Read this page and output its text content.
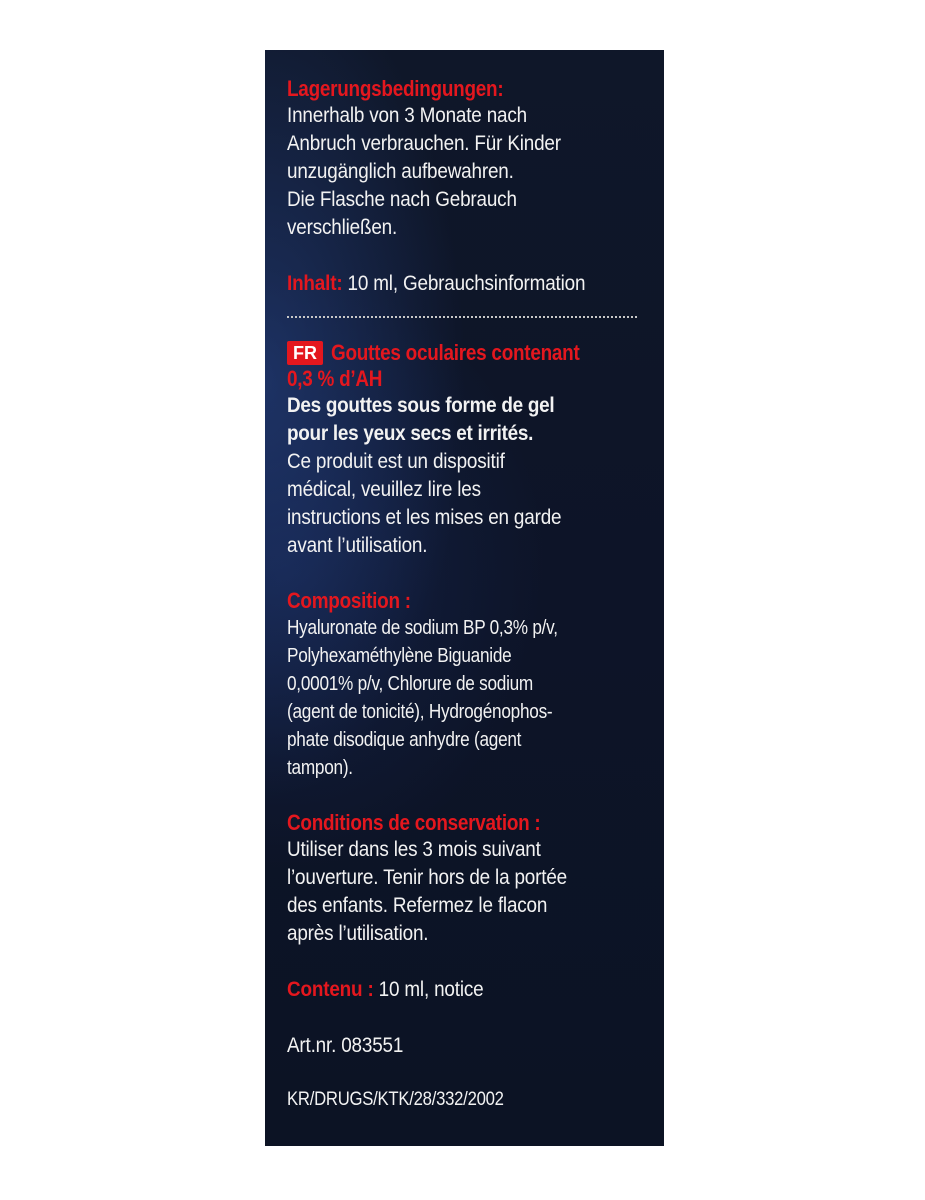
Lagerungsbedingungen:
Innerhalb von 3 Monate nach
Anbruch verbrauchen. Für Kinder
unzugänglich aufbewahren.
Die Flasche nach Gebrauch
verschließen.
Inhalt: 10 ml, Gebrauchsinformation
FR Gouttes oculaires contenant
0,3 % d’AH
Des gouttes sous forme de gel
pour les yeux secs et irrités.
Ce produit est un dispositif
médical, veuillez lire les
instructions et les mises en garde
avant l’utilisation.
Composition :
Hyaluronate de sodium BP 0,3% p/v,
Polyhexaméthylène Biguanide
0,0001% p/v, Chlorure de sodium
(agent de tonicité), Hydrogénophos-
phate disodique anhydre (agent
tampon).
Conditions de conservation :
Utiliser dans les 3 mois suivant
l’ouverture. Tenir hors de la portée
des enfants. Refermez le flacon
après l’utilisation.
Contenu : 10 ml, notice
Art.nr. 083551
KR/DRUGS/KTK/28/332/2002
